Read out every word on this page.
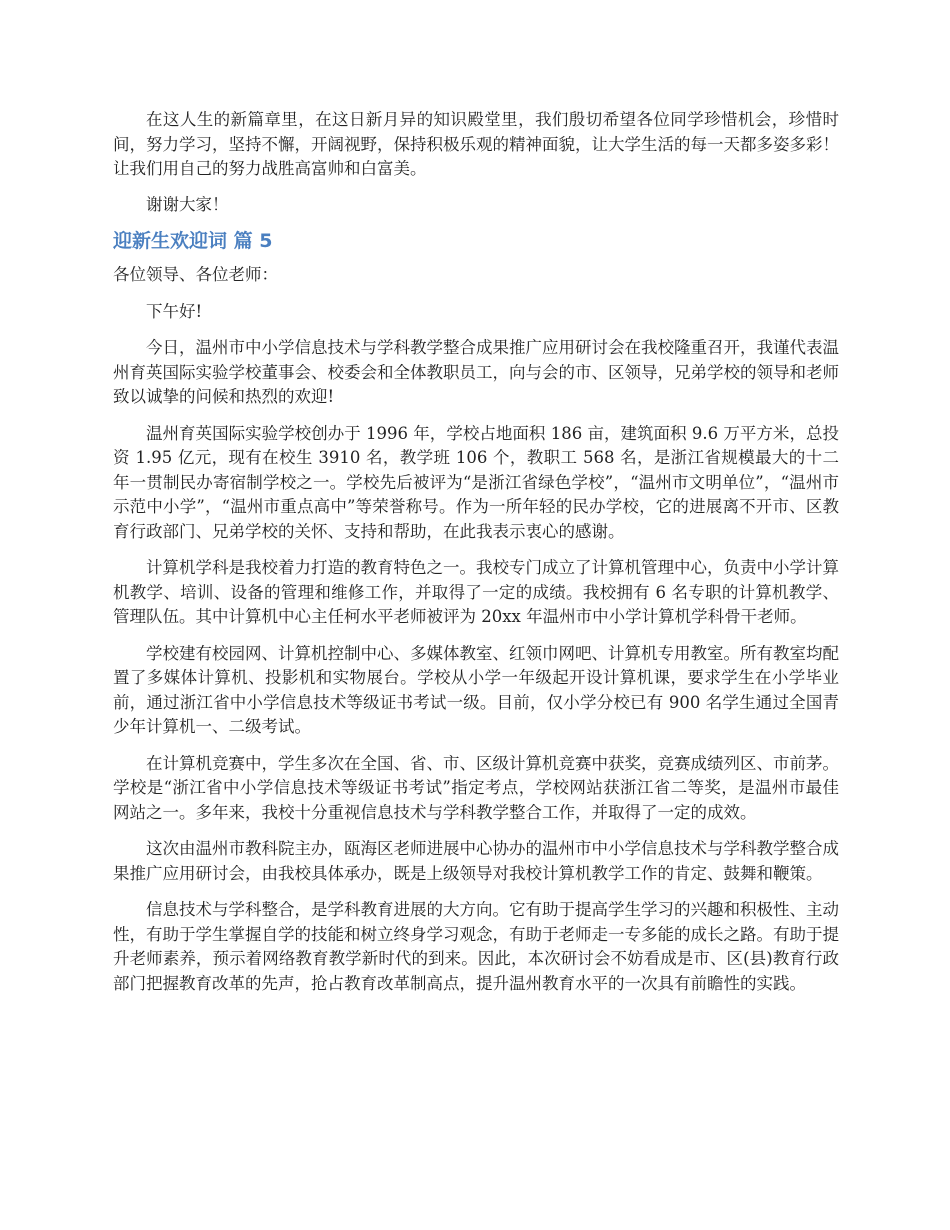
在这人生的新篇章里，在这日新月异的知识殿堂里，我们殷切希望各位同学珍惜机会，珍惜时间，努力学习，坚持不懈，开阔视野，保持积极乐观的精神面貌，让大学生活的每一天都多姿多彩！让我们用自己的努力战胜高富帅和白富美。

谢谢大家！

迎新生欢迎词 篇 5

各位领导、各位老师：

下午好!

今日，温州市中小学信息技术与学科教学整合成果推广应用研讨会在我校隆重召开，我谨代表温州育英国际实验学校董事会、校委会和全体教职员工，向与会的市、区领导，兄弟学校的领导和老师致以诚挚的问候和热烈的欢迎!

温州育英国际实验学校创办于 1996 年，学校占地面积 186 亩，建筑面积 9.6 万平方米，总投资 1.95 亿元，现有在校生 3910 名，教学班 106 个，教职工 568 名，是浙江省规模最大的十二年一贯制民办寄宿制学校之一。学校先后被评为“是浙江省绿色学校”，“温州市文明单位”，“温州市示范中小学”，“温州市重点高中”等荣誉称号。作为一所年轻的民办学校，它的进展离不开市、区教育行政部门、兄弟学校的关怀、支持和帮助，在此我表示衷心的感谢。

计算机学科是我校着力打造的教育特色之一。我校专门成立了计算机管理中心，负责中小学计算机教学、培训、设备的管理和维修工作，并取得了一定的成绩。我校拥有 6 名专职的计算机教学、管理队伍。其中计算机中心主任柯水平老师被评为 20xx 年温州市中小学计算机学科骨干老师。

学校建有校园网、计算机控制中心、多媒体教室、红领巾网吧、计算机专用教室。所有教室均配置了多媒体计算机、投影机和实物展台。学校从小学一年级起开设计算机课，要求学生在小学毕业前，通过浙江省中小学信息技术等级证书考试一级。目前，仅小学分校已有 900 名学生通过全国青少年计算机一、二级考试。

在计算机竞赛中，学生多次在全国、省、市、区级计算机竞赛中获奖，竞赛成绩列区、市前茅。学校是“浙江省中小学信息技术等级证书考试”指定考点，学校网站获浙江省二等奖，是温州市最佳网站之一。多年来，我校十分重视信息技术与学科教学整合工作，并取得了一定的成效。

这次由温州市教科院主办，瓯海区老师进展中心协办的温州市中小学信息技术与学科教学整合成果推广应用研讨会，由我校具体承办，既是上级领导对我校计算机教学工作的肯定、鼓舞和鞭策。

信息技术与学科整合，是学科教育进展的大方向。它有助于提高学生学习的兴趣和积极性、主动性，有助于学生掌握自学的技能和树立终身学习观念，有助于老师走一专多能的成长之路。有助于提升老师素养，预示着网络教育教学新时代的到来。因此，本次研讨会不妨看成是市、区(县)教育行政部门把握教育改革的先声，抢占教育改革制高点，提升温州教育水平的一次具有前瞻性的实践。
